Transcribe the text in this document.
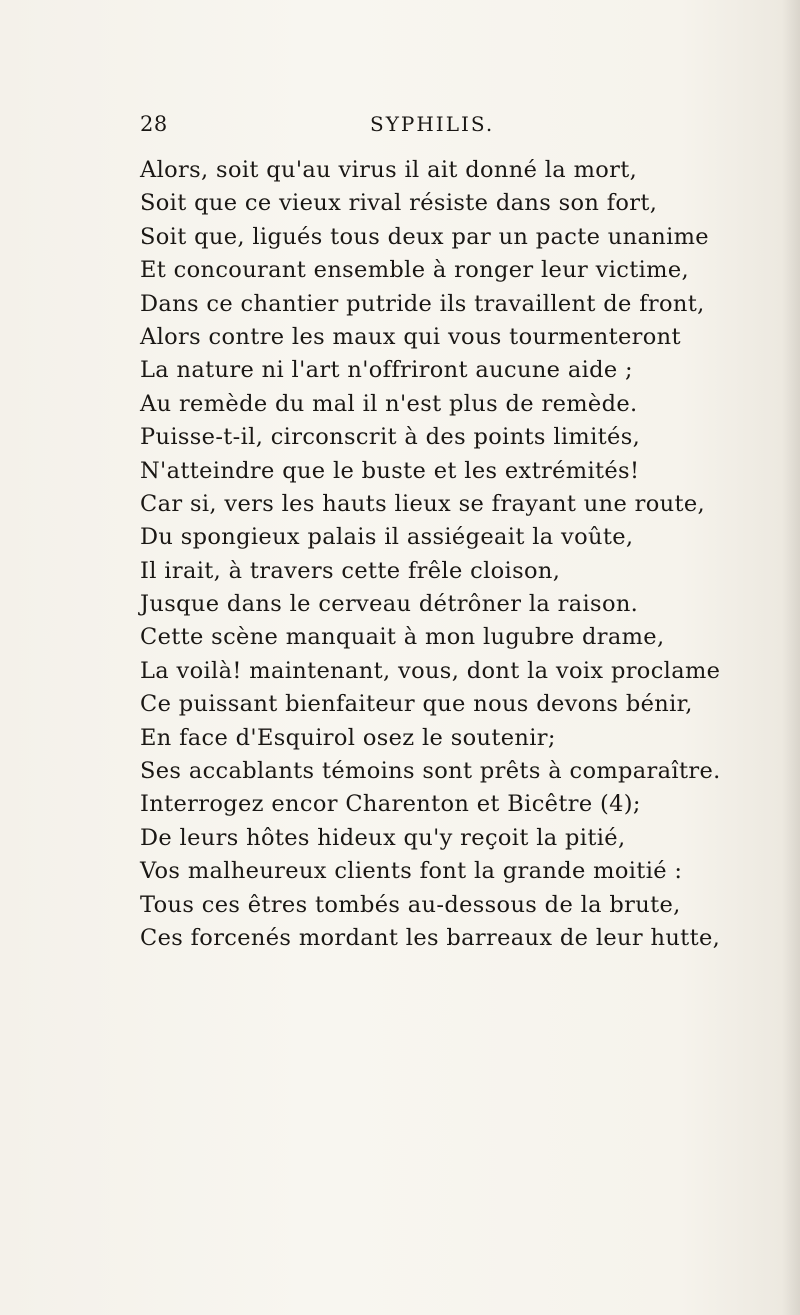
28	SYPHILIS.
Alors, soit qu'au virus il ait donné la mort,
Soit que ce vieux rival résiste dans son fort,
Soit que, ligués tous deux par un pacte unanime
Et concourant ensemble à ronger leur victime,
Dans ce chantier putride ils travaillent de front,
Alors contre les maux qui vous tourmenteront
La nature ni l'art n'offriront aucune aide ;
Au remède du mal il n'est plus de remède.
Puisse-t-il, circonscrit à des points limités,
N'atteindre que le buste et les extrémités!
Car si, vers les hauts lieux se frayant une route,
Du spongieux palais il assiégeait la voûte,
Il irait, à travers cette frêle cloison,
Jusque dans le cerveau détrôner la raison.
Cette scène manquait à mon lugubre drame,
La voilà! maintenant, vous, dont la voix proclame
Ce puissant bienfaiteur que nous devons bénir,
En face d'Esquirol osez le soutenir;
Ses accablants témoins sont prêts à comparaître.
Interrogez encor Charenton et Bicêtre (4);
De leurs hôtes hideux qu'y reçoit la pitié,
Vos malheureux clients font la grande moitié :
Tous ces êtres tombés au-dessous de la brute,
Ces forcenés mordant les barreaux de leur hutte,
